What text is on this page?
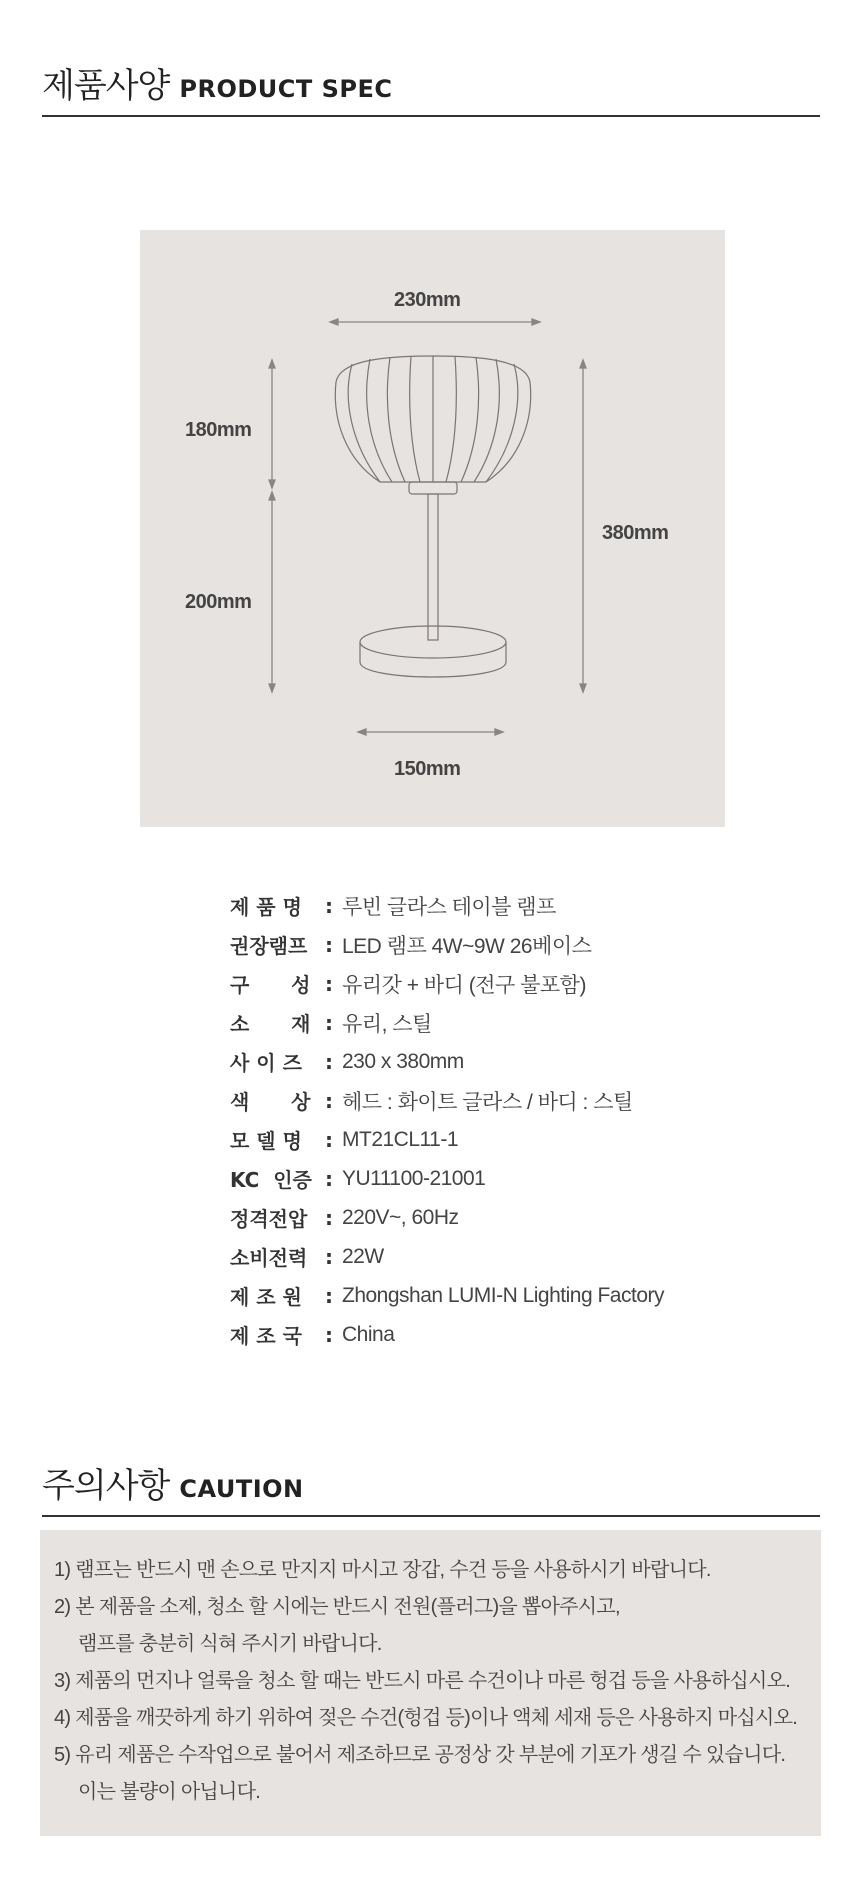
제품사양 PRODUCT SPEC
230mm
180mm
200mm
380mm
150mm
제 품 명	: 루빈 글라스 테이블 램프
권장램프 : LED 램프 4W~9W 26베이스
구      성 : 유리갓 + 바디 (전구 불포함)
소      재 : 유리, 스틸
사 이 즈	: 230 x 380mm
색      상 : 헤드 : 화이트 글라스 / 바디 : 스틸
모 델 명	: MT21CL11-1
KC  인증 : YU11100-21001
정격전압 : 220V~, 60Hz
소비전력 : 22W
제 조 원	: Zhongshan LUMI-N Lighting Factory
제 조 국	: China
주의사항 CAUTION
1) 램프는 반드시 맨 손으로 만지지 마시고 장갑, 수건 등을 사용하시기 바랍니다.
2) 본 제품을 소제, 청소 할 시에는 반드시 전원(플러그)을 뽑아주시고,
램프를 충분히 식혀 주시기 바랍니다.
3) 제품의 먼지나 얼룩을 청소 할 때는 반드시 마른 수건이나 마른 헝겁 등을 사용하십시오.
4) 제품을 깨끗하게 하기 위하여 젖은 수건(헝겁 등)이나 액체 세재 등은 사용하지 마십시오.
5) 유리 제품은 수작업으로 불어서 제조하므로 공정상 갓 부분에 기포가 생길 수 있습니다.
이는 불량이 아닙니다.
